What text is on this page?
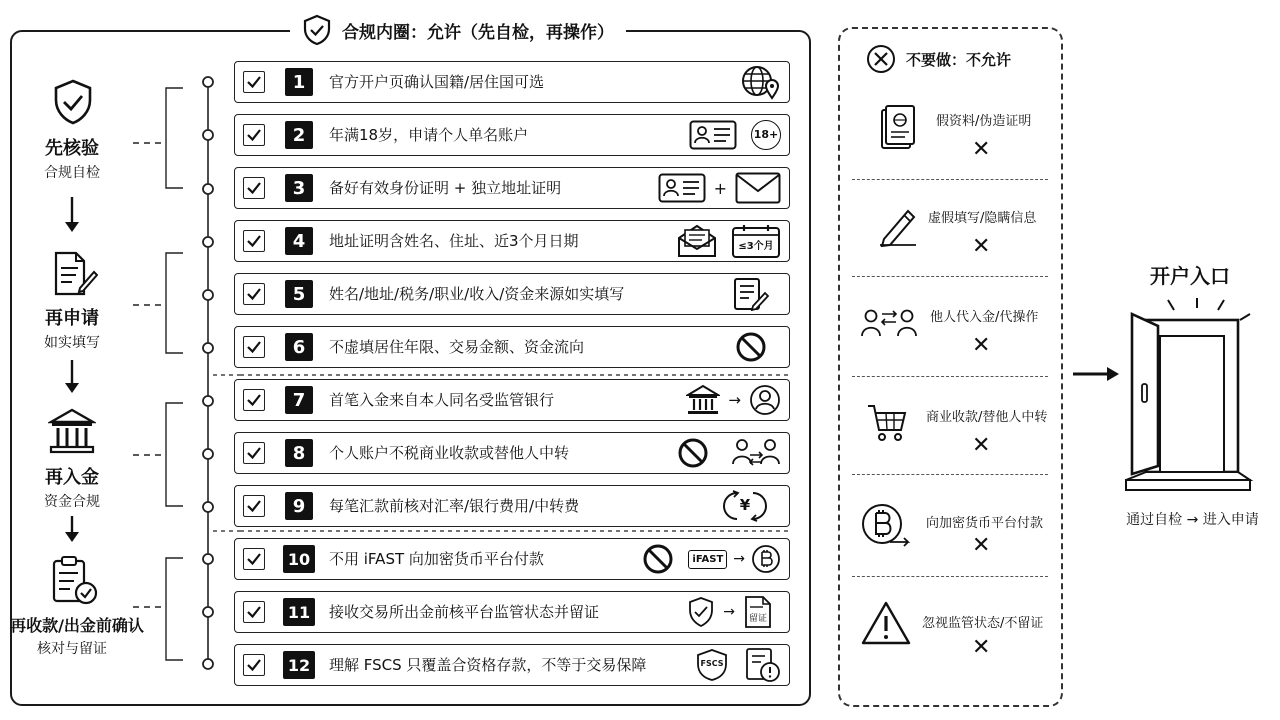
合规内圈：允许（先自检，再操作）
先核验
合规自检
再申请
如实填写
再入金
资金合规
再收款/出金前确认
核对与留证
1	官方开户页确认国籍/居住国可选
2	年满18岁，申请个人单名账户	18+
3	备好有效身份证明 + 独立地址证明	+
4	地址证明含姓名、住址、近3个月日期	≤3个月
5	姓名/地址/税务/职业/收入/资金来源如实填写
6	不虚填居住年限、交易金额、资金流向
7	首笔入金来自本人同名受监管银行	→
8	个人账户不税商业收款或替他人中转
9	每笔汇款前核对汇率/银行费用/中转费	¥
10	不用 iFAST 向加密货币平台付款	iFAST →
11	接收交易所出金前核平台监管状态并留证	→	留证
12	理解 FSCS 只覆盖合资格存款，不等于交易保障	FSCS
不要做：不允许
假资料/伪造证明
✕
虚假填写/隐瞒信息
✕
他人代入金/代操作
✕
商业收款/替他人中转
✕
向加密货币平台付款
✕
忽视监管状态/不留证
✕
开户入口
通过自检 → 进入申请
